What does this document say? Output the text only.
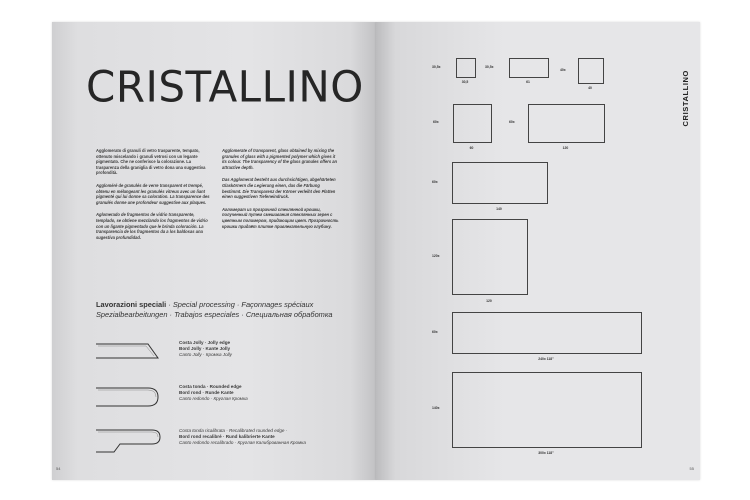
CRISTALLINO

Agglomerato di granuli di vetro trasparente, tempato, ottenuto miscelando i granuli vetrosi con un legante pigmentato. Che ne conferisce la colorazione. La trasparenza della graniglia di vetro dona una suggestiva profondità.

Aggloméré de granulés de verre transparent et trempé, obtenu en mélangeant les granulés vitreux avec un liant pigmenté qui lui donne sa coloration. La transparence des granulés donne une profondeur suggestive aux plaques.

Aglomerado de fragmentos de vidrio transparente, templado, se obtiene mezclando los fragmentos de vidrio con un ligante pigmentado que le brinda coloración. La transparencia de los fragmentos da a los baldosas una sugestiva profundidad.

Agglomerate of transparent, glass obtained by mixing the granules of glass with a pigmented polymer which gives it its colour. The transparency of the glass granules offers an attractive depth.

Das Agglomerat besteht aus durchsichtigen, abgehärteten Glaskörnern die Legierung einen, das die Färbung bestimmt. Die Transparenz der Körner verleiht den Platten einen suggestiven Tiefeneindruck.

Агломерат из прозрачной стеклянной крошки, полученный путем смешивания стеклянных зерен с цветным полимером, придающим цвет. Прозрачность крошки придаёт плитке привлекательную глубину.

Lavorazioni speciali · Special processing · Façonnages spéciaux
Spezialbearbeitungen · Trabajos especiales · Специальная обработка
Costa Jolly · Jolly edge
Bord Jolly · Kante Jolly
Canto Jolly · Кромка Jolly
Costa tonda · Rounded edge
Bord rond · Runde Kante
Canto redondo · Круглая Кромка
Costa tonda ricalibrata · Recalibrated rounded edge ·
Bord rond recalibré · Rund kalibrierte Kante
Canto redondo recalibrado · Круглая Калиброванная Кромка
54
CRISTALLINO
30,5x
30,5
30,5x
61
40x
40
60x
60
60x
120
60x
140
120x
120
60x
240x 118"
140x
300x 118"
55
